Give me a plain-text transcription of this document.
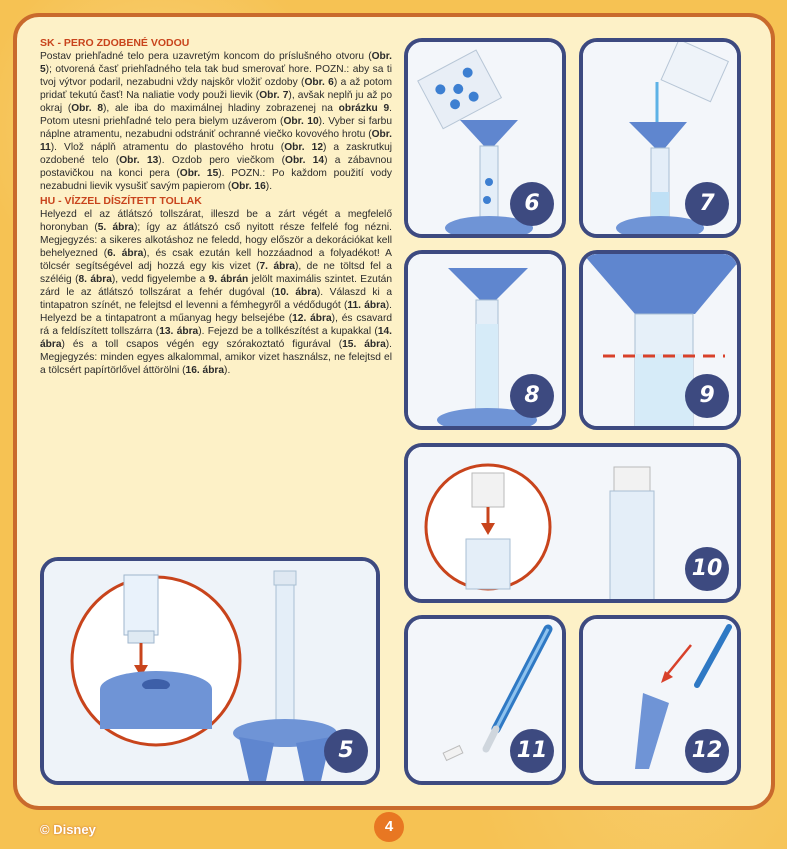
SK - PERO ZDOBENÉ VODOU

Postav priehľadné telo pera uzavretým koncom do príslušného otvoru (Obr. 5); otvorená časť priehľadného tela tak bud smerovať hore. POZN.: aby sa ti tvoj výtvor podaril, nezabudni vždy najskôr vložiť ozdoby (Obr. 6) a až potom pridať tekutú časť! Na naliatie vody použi lievik (Obr. 7), avšak neplň ju až po okraj (Obr. 8), ale iba do maximálnej hladiny zobrazenej na obrázku 9. Potom utesni priehľadné telo pera bielym uzáverom (Obr. 10). Vyber si farbu náplne atramentu, nezabudni odstrániť ochranné viečko kovového hrotu (Obr. 11). Vlož náplň atramentu do plastového hrotu (Obr. 12) a zaskrutkuj ozdobené telo (Obr. 13). Ozdob pero viečkom (Obr. 14) a zábavnou postavičkou na konci pera (Obr. 15). POZN.: Po každom použití vody nezabudni lievik vysušiť savým papierom (Obr. 16).

HU - VÍZZEL DÍSZÍTETT TOLLAK

Helyezd el az átlátszó tollszárat, illeszd be a zárt végét a megfelelő horonyban (5. ábra); így az átlátszó cső nyitott része felfelé fog nézni. Megjegyzés: a sikeres alkotáshoz ne feledd, hogy először a dekorációkat kell behelyezned (6. ábra), és csak ezután kell hozzáadnod a folyadékot! A tölcsér segítségével adj hozzá egy kis vizet (7. ábra), de ne töltsd fel a széléig (8. ábra), vedd figyelembe a 9. ábrán jelölt maximális szintet. Ezután zárd le az átlátszó tollszárat a fehér dugóval (10. ábra). Válaszd ki a tintapatron színét, ne felejtsd el levenni a fémhegyről a védődugót (11. ábra). Helyezd be a tintapatront a műanyag hegy belsejébe (12. ábra), és csavard rá a feldíszített tollszárra (13. ábra). Fejezd be a tollkészítést a kupakkal (14. ábra) és a toll csapos végén egy szórakoztató figurával (15. ábra). Megjegyzés: minden egyes alkalommal, amikor vizet használsz, ne felejtsd el a tölcsért papírtörlővel áttörölni (16. ábra).

5
6	7
8	9
10
11	12
4
© Disney
